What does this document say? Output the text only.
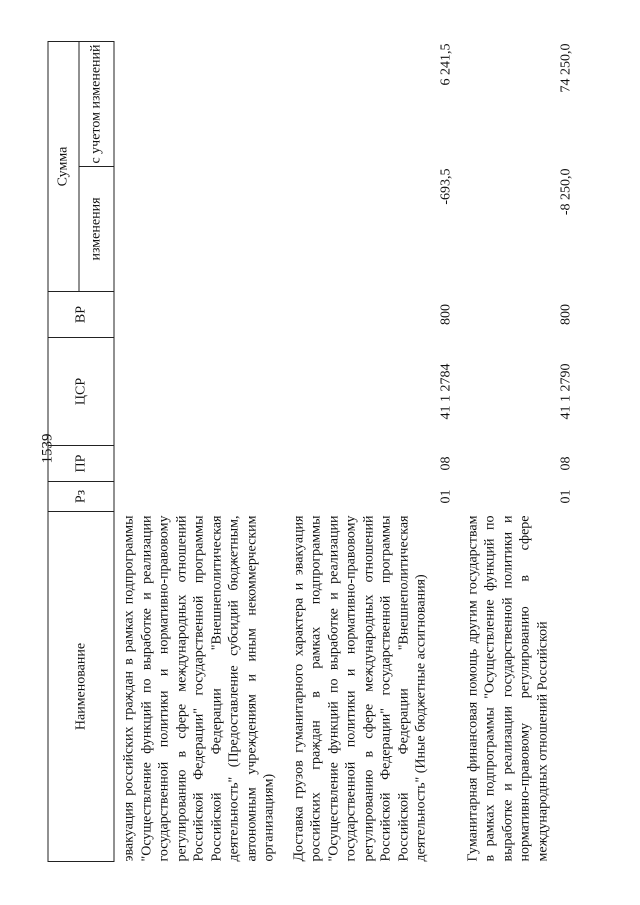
1539
Наименование	Рз	ПР	ЦСР	ВР	Сумма	
					изменения	с учетом изменений
эвакуация российских граждан в рамках подпрограммы "Осуществление функций по выработке и реализации государственной политики и нормативно-правовому регулированию в сфере международных отношений Российской Федерации" государственной программы Российской Федерации "Внешнеполитическая деятельность" (Предоставление субсидий бюджетным, автономным учреждениям и иным некоммерческим организациям)						
Доставка грузов гуманитарного характера и эвакуация российских граждан в рамках подпрограммы "Осуществление функций по выработке и реализации государственной политики и нормативно-правовому регулированию в сфере международных отношений Российской Федерации" государственной программы Российской Федерации "Внешнеполитическая деятельность" (Иные бюджетные ассигнования)	01	08	41 1 2784	800	-693,5	6 241,5
Гуманитарная финансовая помощь другим государствам в рамках подпрограммы "Осуществление функций по выработке и реализации государственной политики и нормативно-правовому регулированию в сфере международных отношений Российской	01	08	41 1 2790	800	-8 250,0	74 250,0
